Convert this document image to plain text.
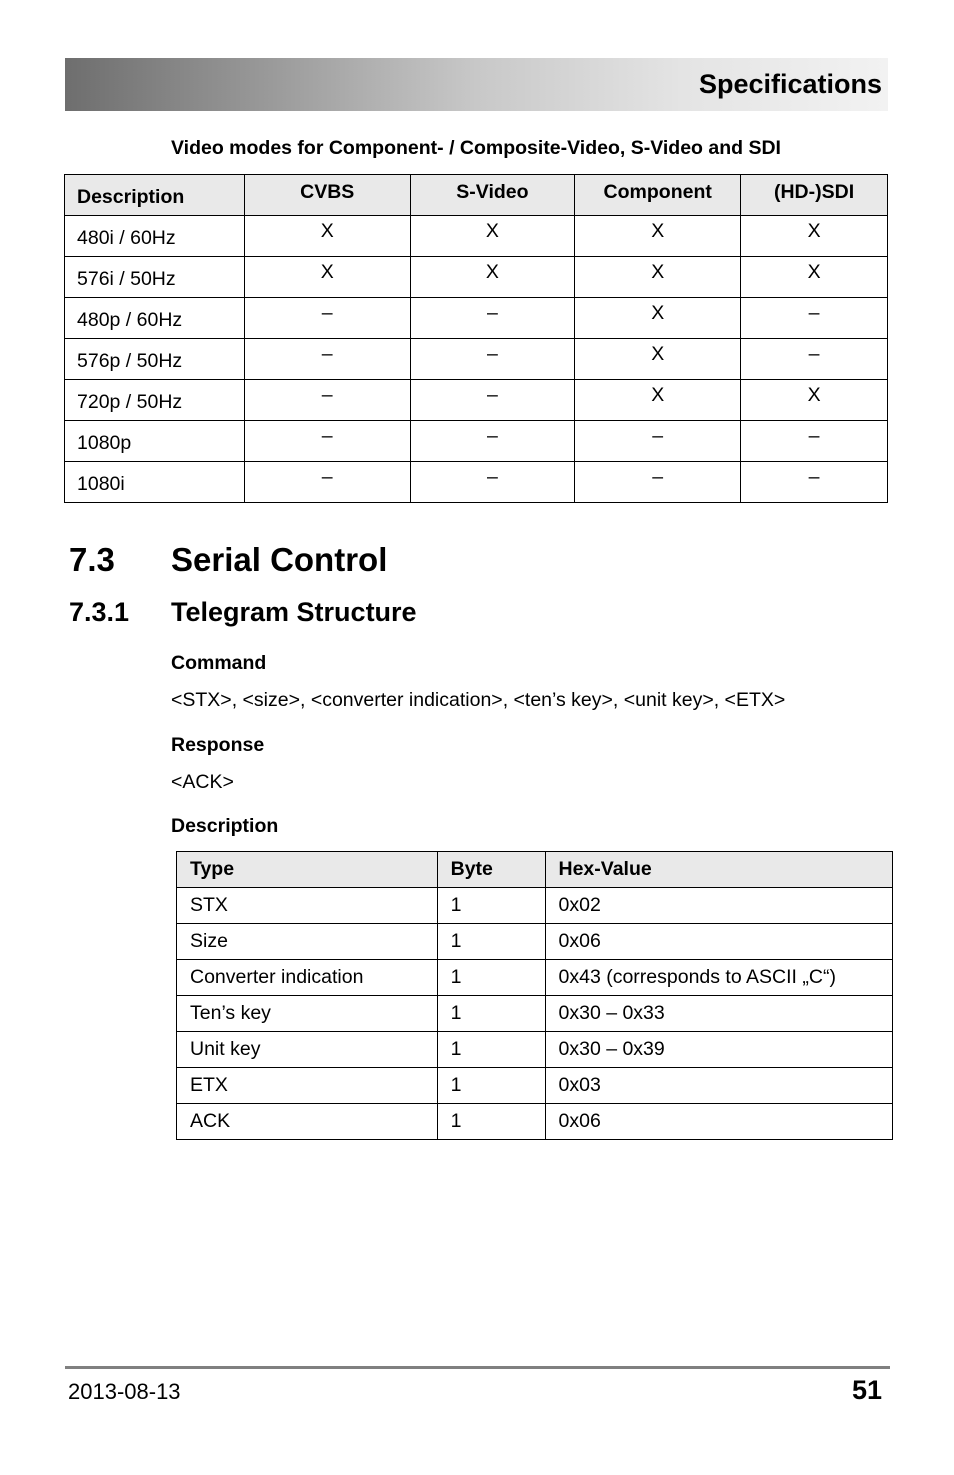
Specifications
Video modes for Component- / Composite-Video, S-Video and SDI
Description	CVBS	S-Video	Component	(HD-)SDI
480i / 60Hz	X	X	X	X
576i / 50Hz	X	X	X	X
480p / 60Hz	–	–	X	–
576p / 50Hz	–	–	X	–
720p / 50Hz	–	–	X	X
1080p	–	–	–	–
1080i	–	–	–	–
7.3 Serial Control
7.3.1 Telegram Structure
Command
<STX>, <size>, <converter indication>, <ten’s key>, <unit key>, <ETX>
Response
<ACK>
Description
Type	Byte	Hex-Value
STX	1	0x02
Size	1	0x06
Converter indication	1	0x43 (corresponds to ASCII „C“)
Ten’s key	1	0x30 – 0x33
Unit key	1	0x30 – 0x39
ETX	1	0x03
ACK	1	0x06
2013-08-13	51
